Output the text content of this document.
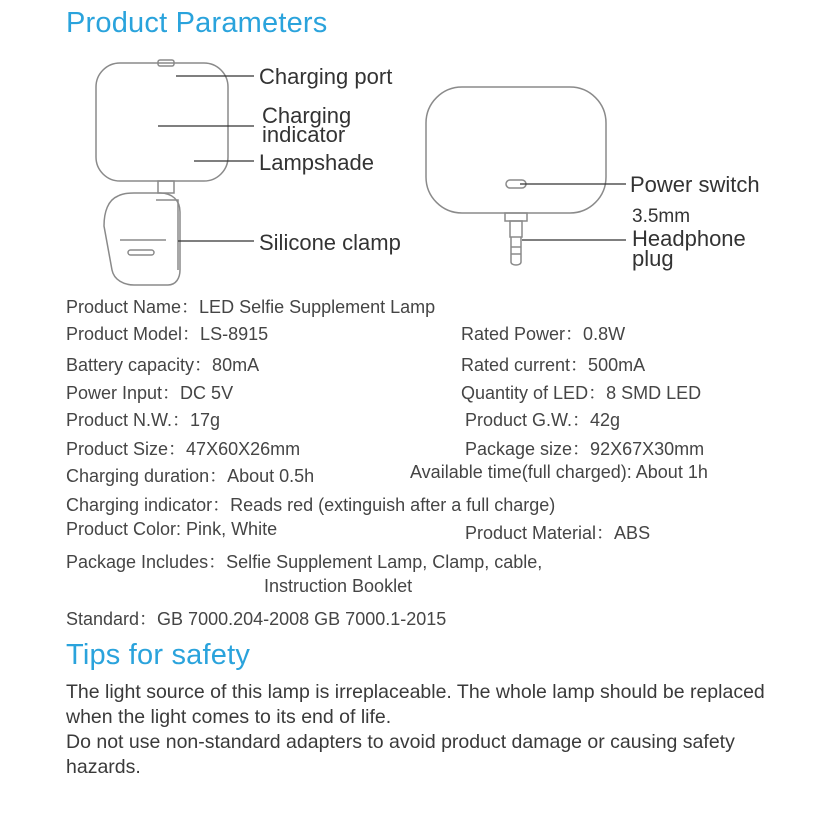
Product Parameters
Charging port
Charging
indicator
Lampshade
Silicone clamp
Power switch
3.5mm
Headphone
plug
Product Name：LED Selfie Supplement Lamp
Product Model：LS-8915	Rated Power：0.8W
Battery capacity：80mA	Rated current：500mA
Power Input：DC 5V	Quantity of LED：8 SMD LED
Product N.W.：17g	Product G.W.：42g
Product Size：47X60X26mm	Package size：92X67X30mm
Charging duration：About 0.5h	Available time(full charged): About 1h
Charging indicator：Reads red (extinguish after a full charge)
Product Color: Pink, White	Product Material：ABS
Package Includes：Selfie Supplement Lamp, Clamp, cable,
Instruction Booklet
Standard：GB 7000.204-2008 GB 7000.1-2015
Tips for safety

The light source of this lamp is irreplaceable. The whole lamp should be replaced when the light comes to its end of life.

Do not use non-standard adapters to avoid product damage or causing safety hazards.
